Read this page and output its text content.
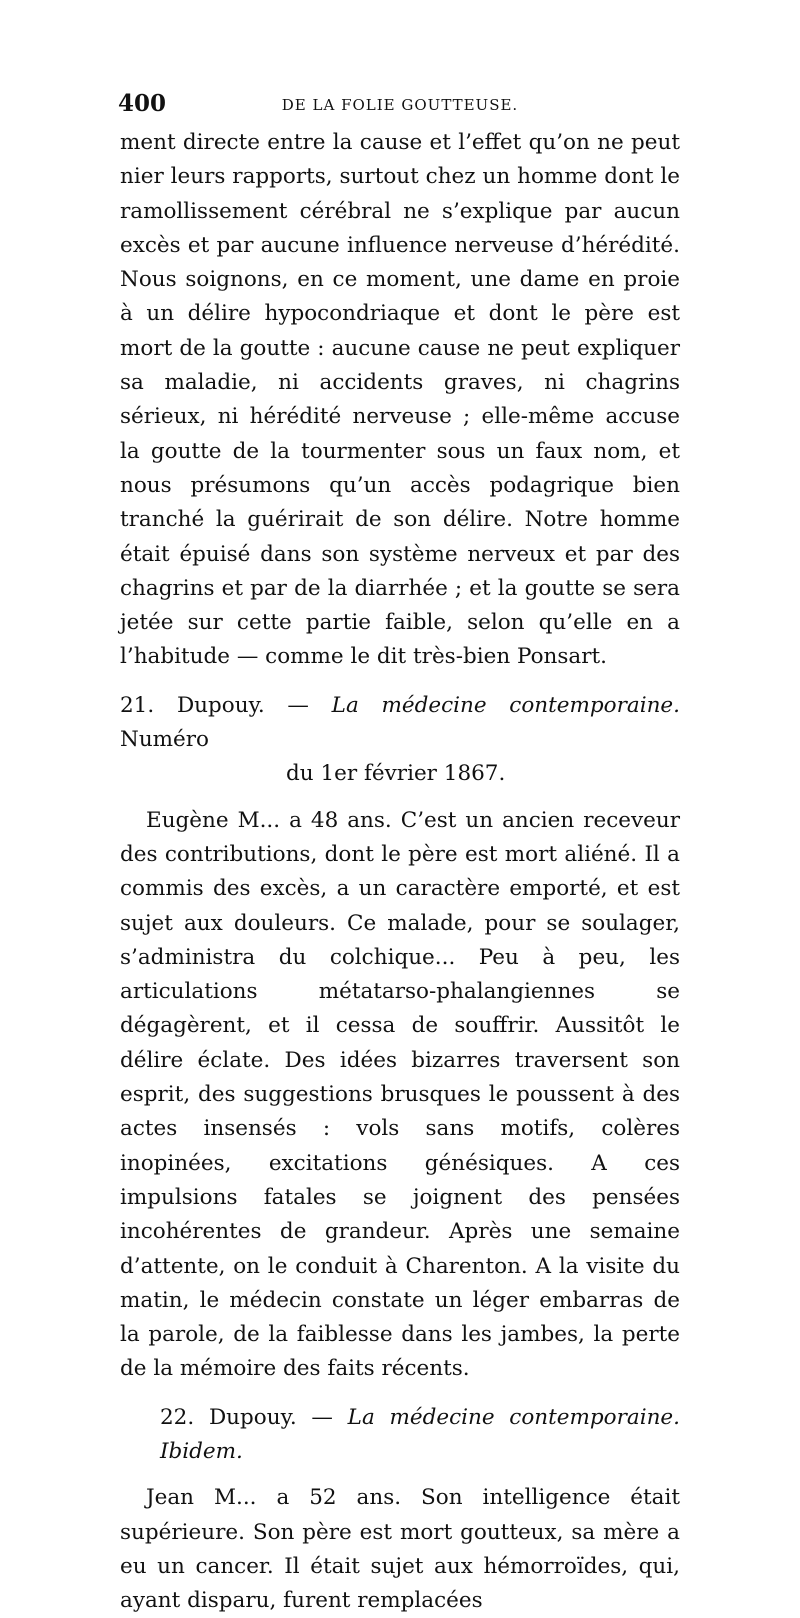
400	DE LA FOLIE GOUTTEUSE.

ment directe entre la cause et l’effet qu’on ne peut nier leurs rapports, surtout chez un homme dont le ramollissement cérébral ne s’explique par aucun excès et par aucune influence nerveuse d’hérédité. Nous soignons, en ce moment, une dame en proie à un délire hypocondriaque et dont le père est mort de la goutte : aucune cause ne peut expliquer sa maladie, ni accidents graves, ni chagrins sérieux, ni hérédité nerveuse ; elle-même accuse la goutte de la tourmenter sous un faux nom, et nous présumons qu’un accès podagrique bien tranché la guérirait de son délire. Notre homme était épuisé dans son système nerveux et par des chagrins et par de la diarrhée ; et la goutte se sera jetée sur cette partie faible, selon qu’elle en a l’habitude — comme le dit très-bien Ponsart.

21. Dupouy. — La médecine contemporaine. Numéro
du 1er février 1867.

Eugène M... a 48 ans. C’est un ancien receveur des contributions, dont le père est mort aliéné. Il a commis des excès, a un caractère emporté, et est sujet aux douleurs. Ce malade, pour se soulager, s’administra du colchique... Peu à peu, les articulations métatarso-phalangiennes se dégagèrent, et il cessa de souffrir. Aussitôt le délire éclate. Des idées bizarres traversent son esprit, des suggestions brusques le poussent à des actes insensés : vols sans motifs, colères inopinées, excitations génésiques. A ces impulsions fatales se joignent des pensées incohérentes de grandeur. Après une semaine d’attente, on le conduit à Charenton. A la visite du matin, le médecin constate un léger embarras de la parole, de la faiblesse dans les jambes, la perte de la mémoire des faits récents.

22. Dupouy. — La médecine contemporaine. Ibidem.

Jean M... a 52 ans. Son intelligence était supérieure. Son père est mort goutteux, sa mère a eu un cancer. Il était sujet aux hémorroïdes, qui, ayant disparu, furent remplacées
